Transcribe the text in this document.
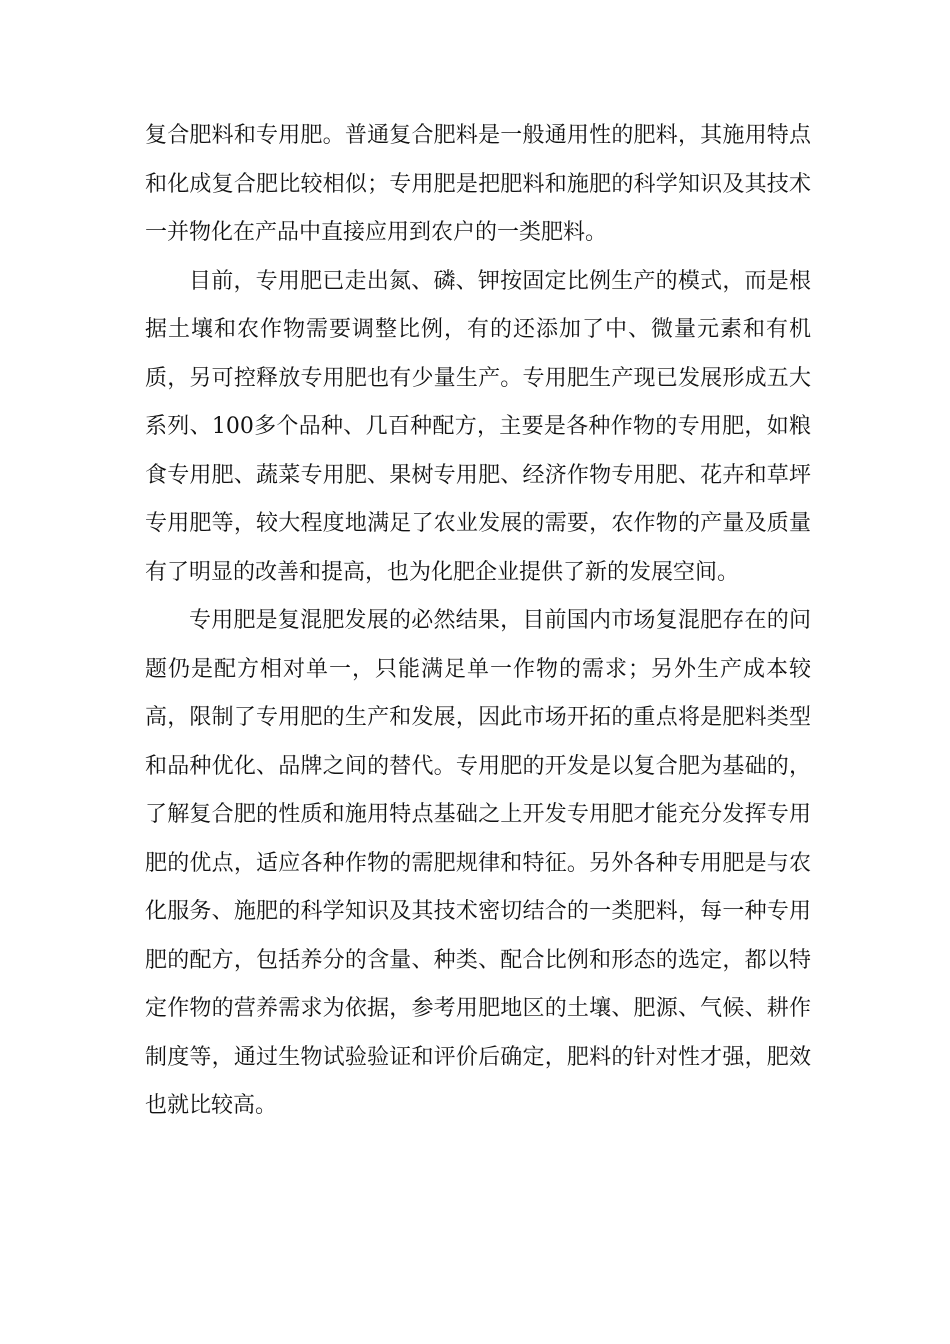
复合肥料和专用肥。普通复合肥料是一般通用性的肥料，其施用特点和化成复合肥比较相似；专用肥是把肥料和施肥的科学知识及其技术一并物化在产品中直接应用到农户的一类肥料。

目前，专用肥已走出氮、磷、钾按固定比例生产的模式，而是根据土壤和农作物需要调整比例，有的还添加了中、微量元素和有机质，另可控释放专用肥也有少量生产。专用肥生产现已发展形成五大系列、100多个品种、几百种配方，主要是各种作物的专用肥，如粮食专用肥、蔬菜专用肥、果树专用肥、经济作物专用肥、花卉和草坪专用肥等，较大程度地满足了农业发展的需要，农作物的产量及质量有了明显的改善和提高，也为化肥企业提供了新的发展空间。

专用肥是复混肥发展的必然结果，目前国内市场复混肥存在的问题仍是配方相对单一，只能满足单一作物的需求；另外生产成本较高，限制了专用肥的生产和发展，因此市场开拓的重点将是肥料类型和品种优化、品牌之间的替代。专用肥的开发是以复合肥为基础的，了解复合肥的性质和施用特点基础之上开发专用肥才能充分发挥专用肥的优点，适应各种作物的需肥规律和特征。另外各种专用肥是与农化服务、施肥的科学知识及其技术密切结合的一类肥料，每一种专用肥的配方，包括养分的含量、种类、配合比例和形态的选定，都以特定作物的营养需求为依据，参考用肥地区的土壤、肥源、气候、耕作制度等，通过生物试验验证和评价后确定，肥料的针对性才强，肥效也就比较高。
